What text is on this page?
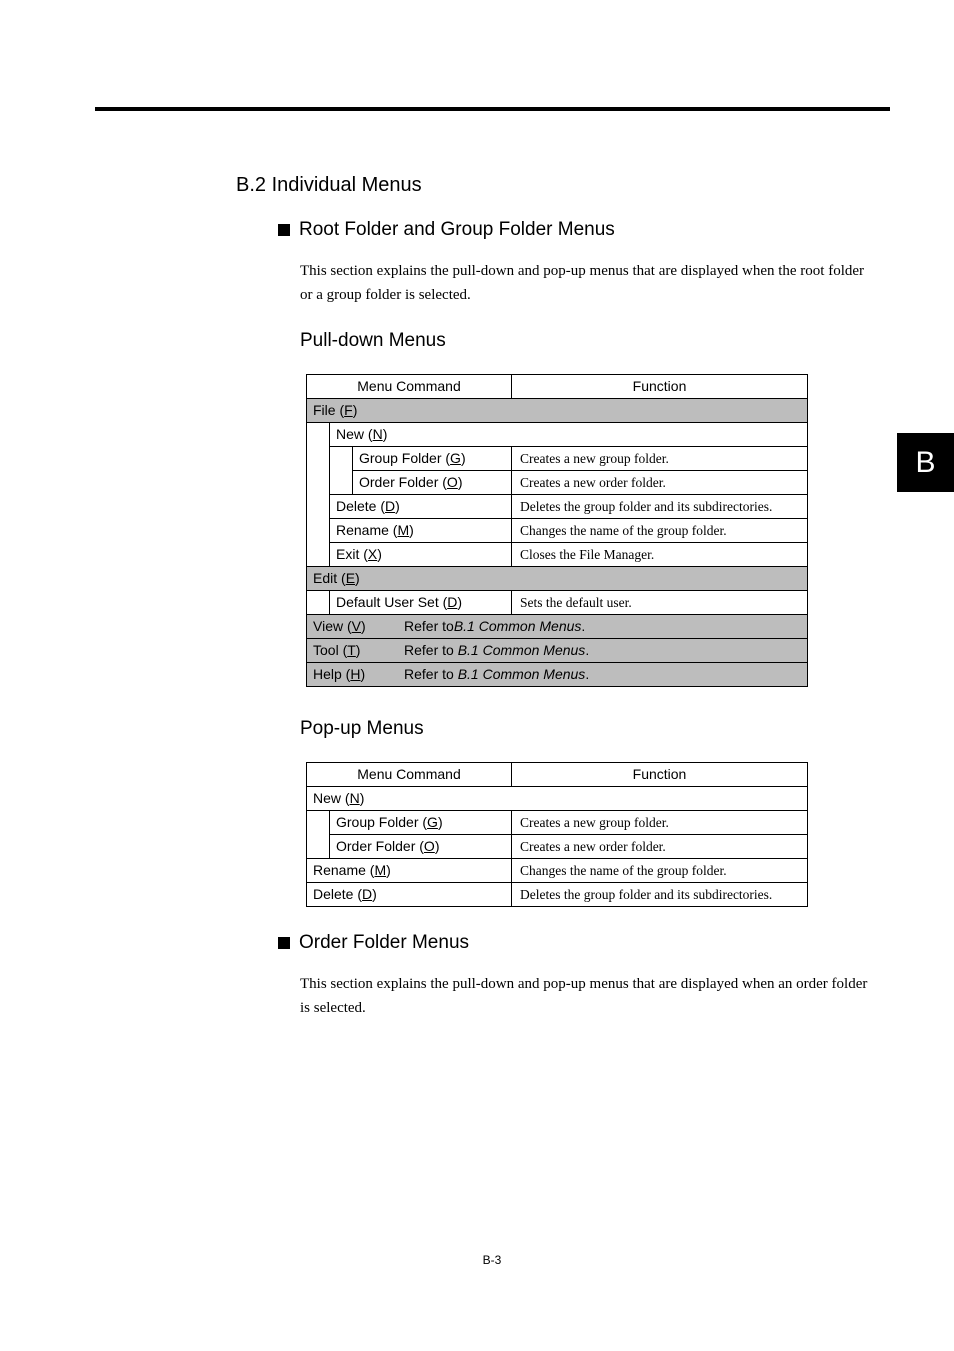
B
B.2 Individual Menus
Root Folder and Group Folder Menus
This section explains the pull-down and pop-up menus that are displayed when the root folder or a group folder is selected.
Pull-down Menus
Menu Command			Function
File (F)			
	New (N)		
		Group Folder (G)	Creates a new group folder.
		Order Folder (O)	Creates a new order folder.
	Delete (D)		Deletes the group folder and its subdirectories.
	Rename (M)		Changes the name of the group folder.
	Exit (X)		Closes the File Manager.
Edit (E)			
	Default User Set (D)		Sets the default user.
View (V) Refer toB.1 Common Menus.			

Tool (T) Refer to B.1 Common Menus.			

Help (H) Refer to B.1 Common Menus.			
Pop-up Menus
Menu Command		Function
New (N)		
	Group Folder (G)	Creates a new group folder.
	Order Folder (O)	Creates a new order folder.
Rename (M)		Changes the name of the group folder.
Delete (D)		Deletes the group folder and its subdirectories.
Order Folder Menus
This section explains the pull-down and pop-up menus that are displayed when an order folder is selected.
B-3
